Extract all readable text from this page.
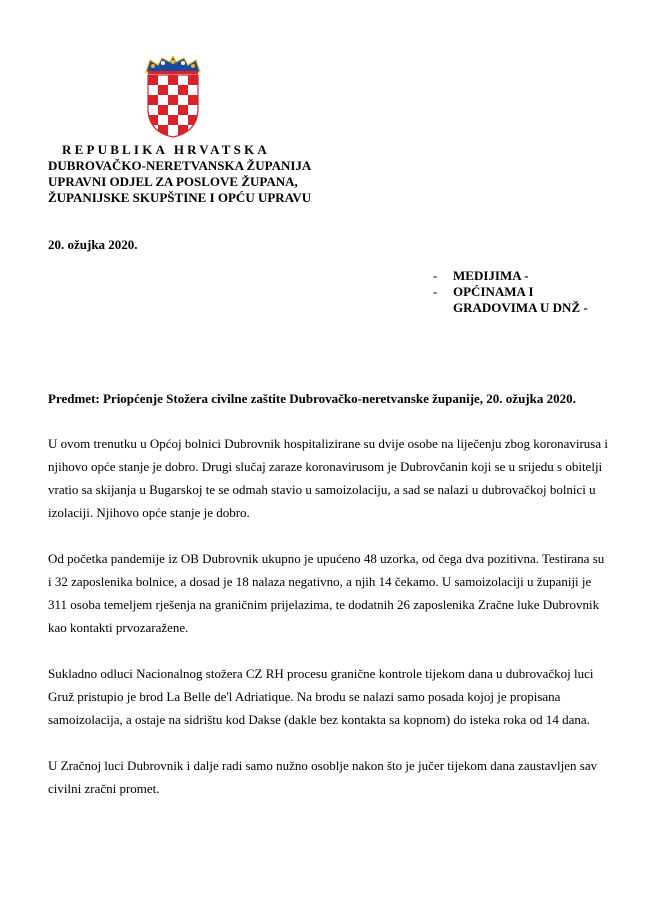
REPUBLIKA HRVATSKA
DUBROVAČKO-NERETVANSKA ŽUPANIJA
UPRAVNI ODJEL ZA POSLOVE ŽUPANA,
ŽUPANIJSKE SKUPŠTINE I OPĆU UPRAVU
20. ožujka 2020.
-	MEDIJIMA -
-	OPĆINAMA I
GRADOVIMA U DNŽ -
Predmet: Priopćenje Stožera civilne zaštite Dubrovačko-neretvanske županije, 20. ožujka 2020.

U ovom trenutku u Općoj bolnici Dubrovnik hospitalizirane su dvije osobe na liječenju zbog koronavirusa i njihovo opće stanje je dobro. Drugi slučaj zaraze koronavirusom je Dubrovčanin koji se u srijedu s obitelji vratio sa skijanja u Bugarskoj te se odmah stavio u samoizolaciju, a sad se nalazi u dubrovačkoj bolnici u izolaciji. Njihovo opće stanje je dobro.

Od početka pandemije iz OB Dubrovnik ukupno je upućeno 48 uzorka, od čega dva pozitivna. Testirana su i 32 zaposlenika bolnice, a dosad je 18 nalaza negativno, a njih 14 čekamo. U samoizolaciji u županiji je 311 osoba temeljem rješenja na graničnim prijelazima, te dodatnih 26 zaposlenika Zračne luke Dubrovnik kao kontakti prvozaražene.

Sukladno odluci Nacionalnog stožera CZ RH procesu granične kontrole tijekom dana u dubrovačkoj luci Gruž pristupio je brod La Belle de'l Adriatique. Na brodu se nalazi samo posada kojoj je propisana samoizolacija, a ostaje na sidrištu kod Dakse (dakle bez kontakta sa kopnom) do isteka roka od 14 dana.

U Zračnoj luci Dubrovnik i dalje radi samo nužno osoblje nakon što je jučer tijekom dana zaustavljen sav civilni zračni promet.
